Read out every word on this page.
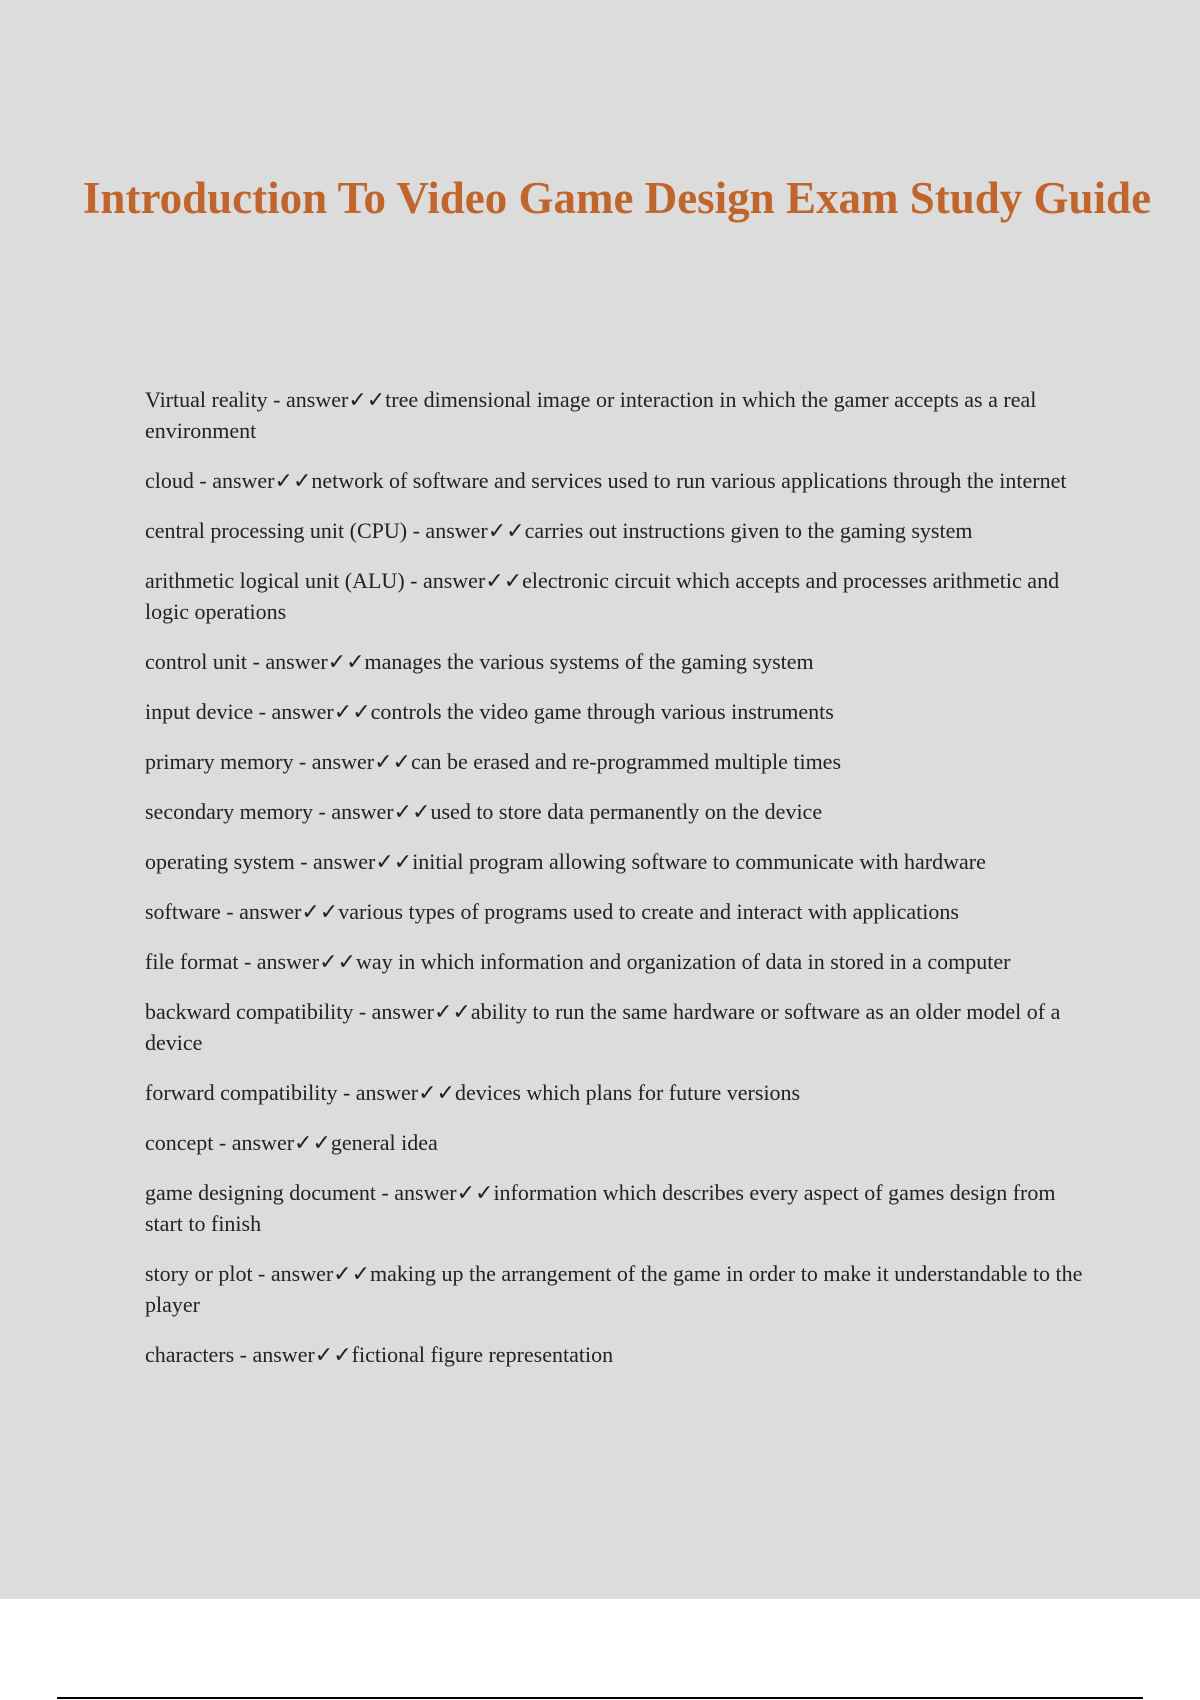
Introduction To Video Game Design Exam Study Guide
Virtual reality - answer✓✓tree dimensional image or interaction in which the gamer accepts as a real environment
cloud - answer✓✓network of software and services used to run various applications through the internet
central processing unit (CPU) - answer✓✓carries out instructions given to the gaming system
arithmetic logical unit (ALU) - answer✓✓electronic circuit which accepts and processes arithmetic and logic operations
control unit - answer✓✓manages the various systems of the gaming system
input device - answer✓✓controls the video game through various instruments
primary memory - answer✓✓can be erased and re-programmed multiple times
secondary memory - answer✓✓used to store data permanently on the device
operating system - answer✓✓initial program allowing software to communicate with hardware
software - answer✓✓various types of programs used to create and interact with applications
file format - answer✓✓way in which information and organization of data in stored in a computer
backward compatibility - answer✓✓ability to run the same hardware or software as an older model of a device
forward compatibility - answer✓✓devices which plans for future versions
concept - answer✓✓general idea
game designing document - answer✓✓information which describes every aspect of games design from start to finish
story or plot - answer✓✓making up the arrangement of the game in order to make it understandable to the player
characters - answer✓✓fictional figure representation
